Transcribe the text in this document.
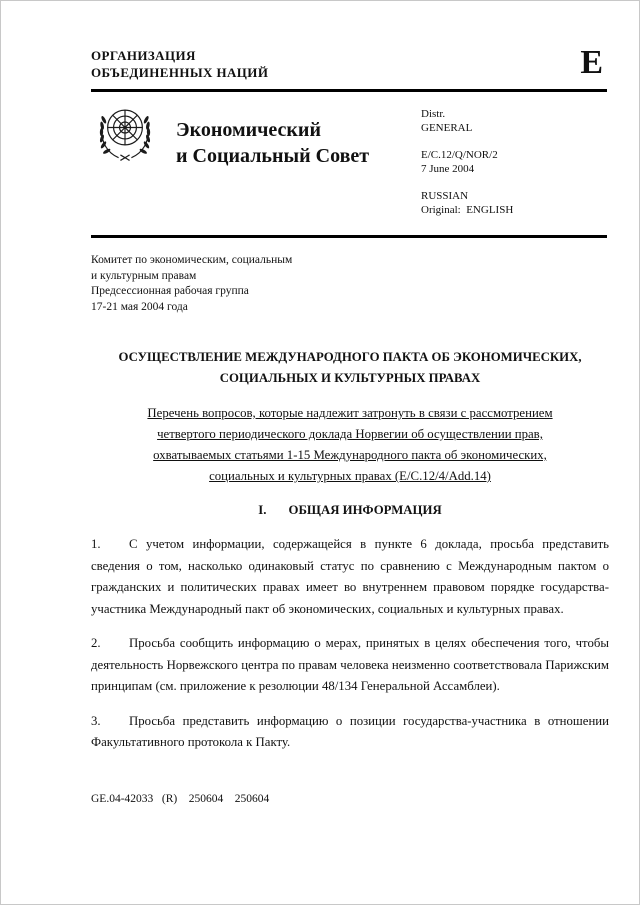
ОРГАНИЗАЦИЯ
ОБЪЕДИНЕННЫХ НАЦИЙ	E
Экономический
и Социальный Совет
Distr.
GENERAL
E/C.12/Q/NOR/2
7 June 2004
RUSSIAN
Original:  ENGLISH
Комитет по экономическим, социальным
и культурным правам
Предсессионная рабочая группа
17-21 мая 2004 года
ОСУЩЕСТВЛЕНИЕ МЕЖДУНАРОДНОГО ПАКТА ОБ ЭКОНОМИЧЕСКИХ,
СОЦИАЛЬНЫХ И КУЛЬТУРНЫХ ПРАВАХ
Перечень вопросов, которые надлежит затронуть в связи с рассмотрением
четвертого периодического доклада Норвегии об осуществлении прав,
охватываемых статьями 1-15 Международного пакта об экономических,
социальных и культурных правах (E/C.12/4/Add.14)
I. ОБЩАЯ ИНФОРМАЦИЯ

1. С учетом информации, содержащейся в пункте 6 доклада, просьба представить сведения о том, насколько одинаковый статус по сравнению с Международным пактом о гражданских и политических правах имеет во внутреннем правовом порядке государства-участника Международный пакт об экономических, социальных и культурных правах.

2. Просьба сообщить информацию о мерах, принятых в целях обеспечения того, чтобы деятельность Норвежского центра по правам человека неизменно соответствовала Парижским принципам (см. приложение к резолюции 48/134 Генеральной Ассамблеи).

3. Просьба представить информацию о позиции государства-участника в отношении Факультативного протокола к Пакту.

GE.04-42033   (R)    250604    250604
